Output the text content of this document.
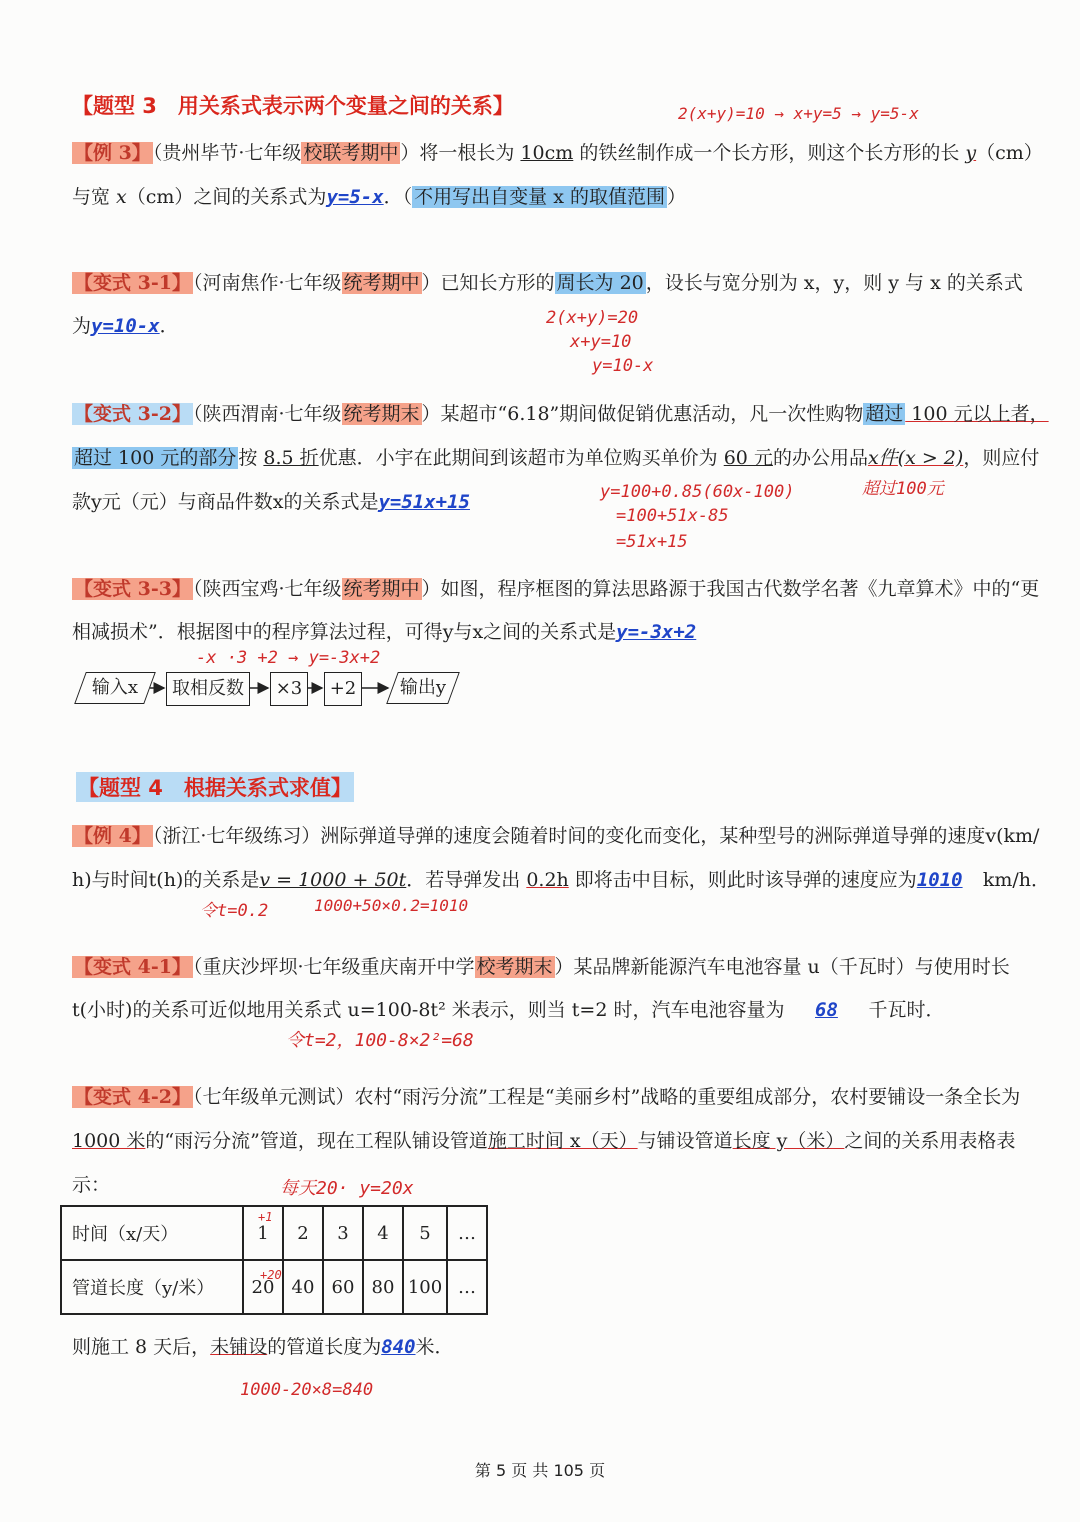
【题型 3　用关系式表示两个变量之间的关系】	2(x+y)=10 → x+y=5 → y=5-x
【例 3】 （贵州毕节·七年级 校联考期中 ）将一根长为 10cm 的铁丝制作成一个长方形，则这个长方形的长 y（cm）
与宽 x（cm）之间的关系式为y=5-x．（ 不用写出自变量 x 的取值范围 ）
【变式 3-1】 （河南焦作·七年级 统考期中 ）已知长方形的 周长为 20 ，设长与宽分别为 x，y，则 y 与 x 的关系式
为y=10-x．	2(x+y)=20
x+y=10
y=10-x
【变式 3-2】 （陕西渭南·七年级 统考期末 ）某超市“6.18”期间做促销优惠活动，凡一次性购物 超过 100 元以上者，
超过 100 元的部分 按 8.5 折优惠．小宇在此期间到该超市为单位购买单价为 60 元的办公用品x件(x > 2)，则应付
款y元（元）与商品件数x的关系式是y=51x+15	y=100+0.85(60x-100)
=100+51x-85
=51x+15
超过100元
【变式 3-3】 （陕西宝鸡·七年级 统考期中 ）如图，程序框图的算法思路源于我国古代数学名著《九章算术》中的“更
相减损术”．根据图中的程序算法过程，可得y与x之间的关系式是y=-3x+2
-x ·3 +2 → y=-3x+2
输入x	取相反数	×3	+2	输出y
【题型 4　根据关系式求值】
【例 4】 （浙江·七年级练习）洲际弹道导弹的速度会随着时间的变化而变化，某种型号的洲际弹道导弹的速度v(km/
h)与时间t(h)的关系是v = 1000 + 50t．若导弹发出 0.2h 即将击中目标，则此时该导弹的速度应为1010 km/h．
令t=0.2	1000+50×0.2=1010
【变式 4-1】 （重庆沙坪坝·七年级重庆南开中学 校考期末 ）某品牌新能源汽车电池容量 u（千瓦时）与使用时长
t(小时)的关系可近似地用关系式 u=100-8t² 米表示，则当 t=2 时，汽车电池容量为 68 千瓦时．
令t=2，100-8×2²=68
【变式 4-2】 （七年级单元测试）农村“雨污分流”工程是“美丽乡村”战略的重要组成部分，农村要铺设一条全长为
1000 米的“雨污分流”管道，现在工程队铺设管道施工时间 x（天）与铺设管道长度 y（米）之间的关系用表格表
示：	每天20· y=20x
时间（x/天）	1	2	3	4	5	…
管道长度（y/米）	20	40	60	80	100	…
+1
+20
则施工 8 天后，未铺设的管道长度为840米．
1000-20×8=840
第 5 页 共 105 页
